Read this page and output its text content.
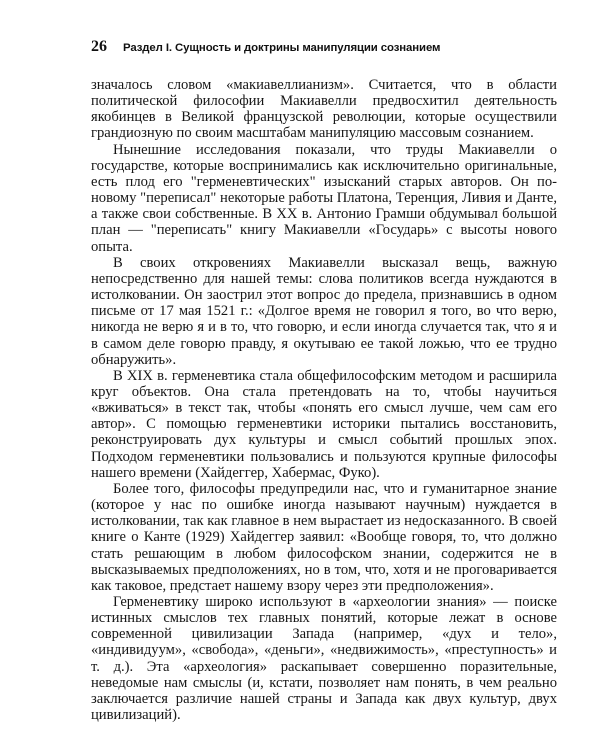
26 Раздел I. Сущность и доктрины манипуляции сознанием

значалось словом «макиавеллианизм». Считается, что в области политической философии Макиавелли предвосхитил деятельность якобинцев в Великой французской революции, которые осуществили грандиозную по своим масштабам манипуляцию массовым сознанием.

Нынешние исследования показали, что труды Макиавелли о государстве, которые воспринимались как исключительно оригинальные, есть плод его "герменевтических" изысканий старых авторов. Он по-новому "переписал" некоторые работы Платона, Теренция, Ливия и Данте, а также свои собственные. В XX в. Антонио Грамши обдумывал большой план — "переписать" книгу Макиавелли «Государь» с высоты нового опыта.

В своих откровениях Макиавелли высказал вещь, важную непосредственно для нашей темы: слова политиков всегда нуждаются в истолковании. Он заострил этот вопрос до предела, признавшись в одном письме от 17 мая 1521 г.: «Долгое время не говорил я того, во что верю, никогда не верю я и в то, что говорю, и если иногда случается так, что я и в самом деле говорю правду, я окутываю ее такой ложью, что ее трудно обнаружить».

В XIX в. герменевтика стала общефилософским методом и расширила круг объектов. Она стала претендовать на то, чтобы научиться «вживаться» в текст так, чтобы «понять его смысл лучше, чем сам его автор». С помощью герменевтики историки пытались восстановить, реконструировать дух культуры и смысл событий прошлых эпох. Подходом герменевтики пользовались и пользуются крупные философы нашего времени (Хайдеггер, Хабермас, Фуко).

Более того, философы предупредили нас, что и гуманитарное знание (которое у нас по ошибке иногда называют научным) нуждается в истолковании, так как главное в нем вырастает из недосказанного. В своей книге о Канте (1929) Хайдеггер заявил: «Вообще говоря, то, что должно стать решающим в любом философском знании, содержится не в высказываемых предположениях, но в том, что, хотя и не проговаривается как таковое, предстает нашему взору через эти предположения».

Герменевтику широко используют в «археологии знания» — поиске истинных смыслов тех главных понятий, которые лежат в основе современной цивилизации Запада (например, «дух и тело», «индивидуум», «свобода», «деньги», «недвижимость», «преступность» и т. д.). Эта «археология» раскапывает совершенно поразительные, неведомые нам смыслы (и, кстати, позволяет нам понять, в чем реально заключается различие нашей страны и Запада как двух культур, двух цивилизаций).
